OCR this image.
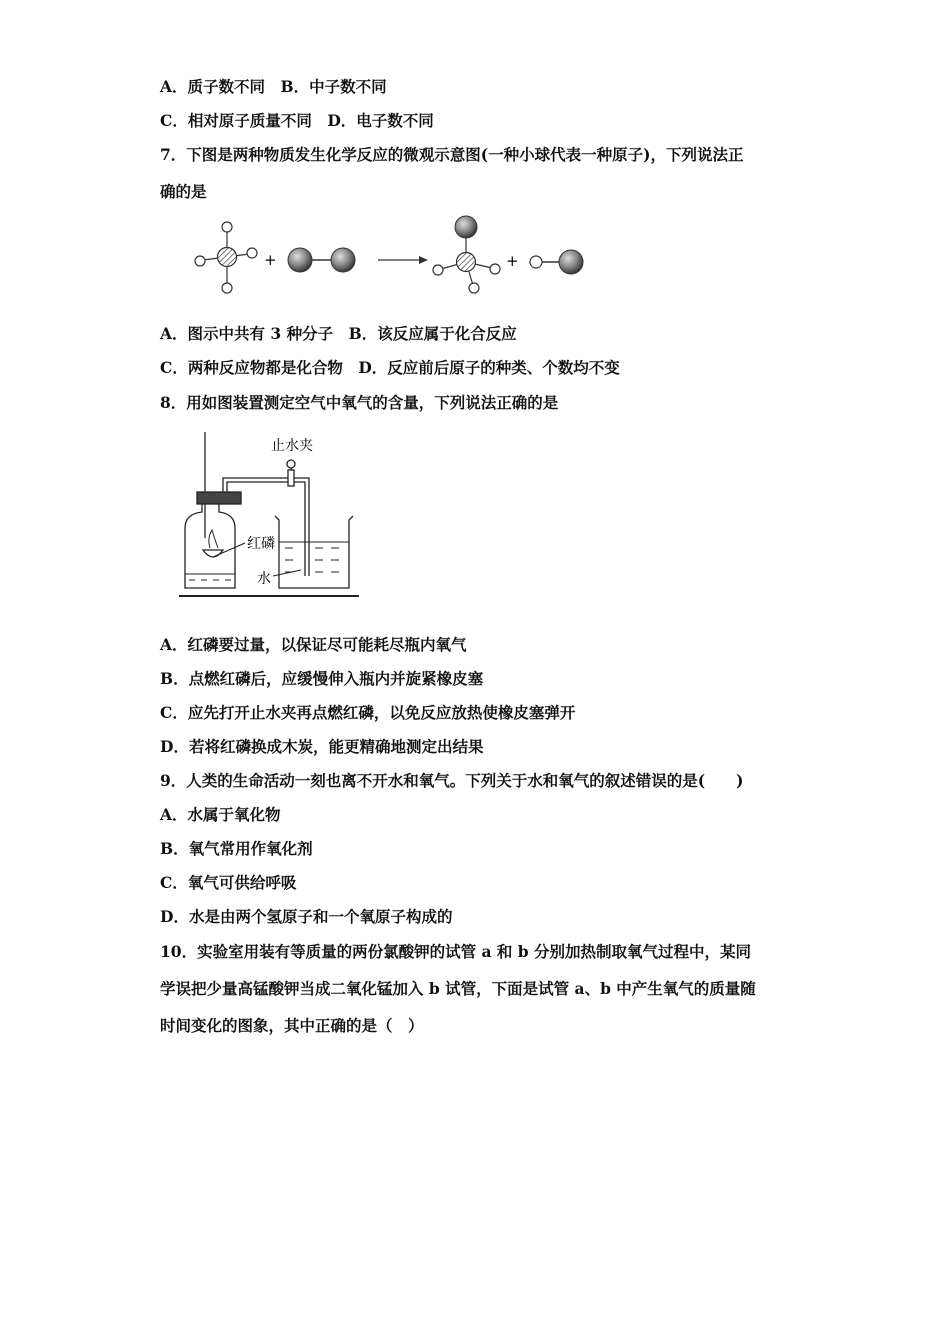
A．质子数不同　B．中子数不同
C．相对原子质量不同　D．电子数不同
7．下图是两种物质发生化学反应的微观示意图(一种小球代表一种原子)，下列说法正
确的是
+	+
A．图示中共有 3 种分子　B．该反应属于化合反应
C．两种反应物都是化合物　D．反应前后原子的种类、个数均不变
8．用如图装置测定空气中氧气的含量，下列说法正确的是
止水夹
红磷
水
A．红磷要过量，以保证尽可能耗尽瓶内氧气
B．点燃红磷后，应缓慢伸入瓶内并旋紧橡皮塞
C．应先打开止水夹再点燃红磷，以免反应放热使橡皮塞弹开
D．若将红磷换成木炭，能更精确地测定出结果
9．人类的生命活动一刻也离不开水和氧气。下列关于水和氧气的叙述错误的是(　　)
A．水属于氧化物
B．氧气常用作氧化剂
C．氧气可供给呼吸
D．水是由两个氢原子和一个氧原子构成的
10．实验室用装有等质量的两份氯酸钾的试管 a 和 b 分别加热制取氧气过程中，某同
学误把少量高锰酸钾当成二氧化锰加入 b 试管，下面是试管 a、b 中产生氧气的质量随
时间变化的图象，其中正确的是（　）
